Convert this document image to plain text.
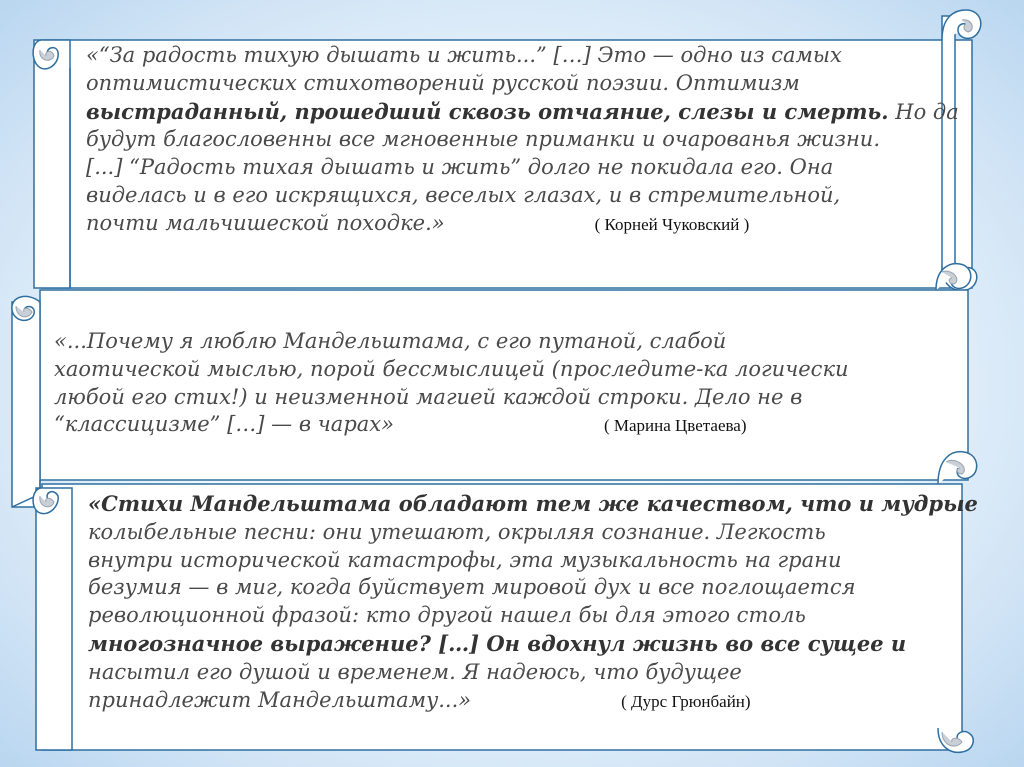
«“За радость тихую дышать и жить...” […] Это — одно из самых
оптимистических стихотворений русской поэзии. Оптимизм
выстраданный, прошедший сквозь отчаяние, слезы и смерть. Но да
будут благословенны все мгновенные приманки и очарованья жизни.
[...] “Радость тихая дышать и жить” долго не покидала его. Она
виделась и в его искрящихся, веселых глазах, и в стремительной,
почти мальчишеской походке.»	( Корней Чуковский )
«...Почему я люблю Мандельштама, с его путаной, слабой
хаотической мыслью, порой бессмыслицей (проследите-ка логически
любой его стих!) и неизменной магией каждой строки. Дело не в
“классицизме” […] — в чарах»	( Марина Цветаева)
«Стихи Мандельштама обладают тем же качеством, что и мудрые
колыбельные песни: они утешают, окрыляя сознание. Легкость
внутри исторической катастрофы, эта музыкальность на грани
безумия — в миг, когда буйствует мировой дух и все поглощается
революционной фразой: кто другой нашел бы для этого столь
многозначное выражение? […] Он вдохнул жизнь во все сущее и
насытил его душой и временем. Я надеюсь, что будущее
принадлежит Мандельштаму...»	( Дурс Грюнбайн)
